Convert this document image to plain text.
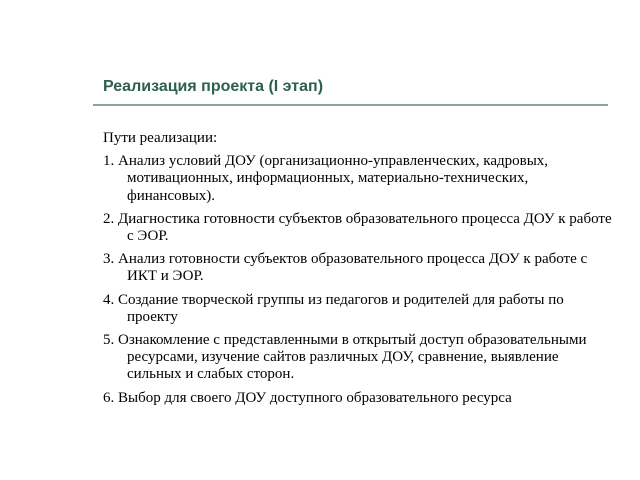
Реализация проекта (I этап)

Пути реализации:

1. Анализ условий ДОУ (организационно-управленческих, кадровых, мотивационных, информационных, материально-технических, финансовых).
2. Диагностика готовности субъектов образовательного процесса ДОУ к работе с ЭОР.
3. Анализ готовности субъектов образовательного процесса ДОУ к работе с ИКТ и ЭОР.
4. Создание творческой группы из педагогов и родителей для работы по проекту
5. Ознакомление с представленными в открытый доступ образовательными ресурсами, изучение сайтов различных ДОУ, сравнение, выявление сильных и слабых сторон.
6. Выбор для своего ДОУ доступного образовательного ресурса
